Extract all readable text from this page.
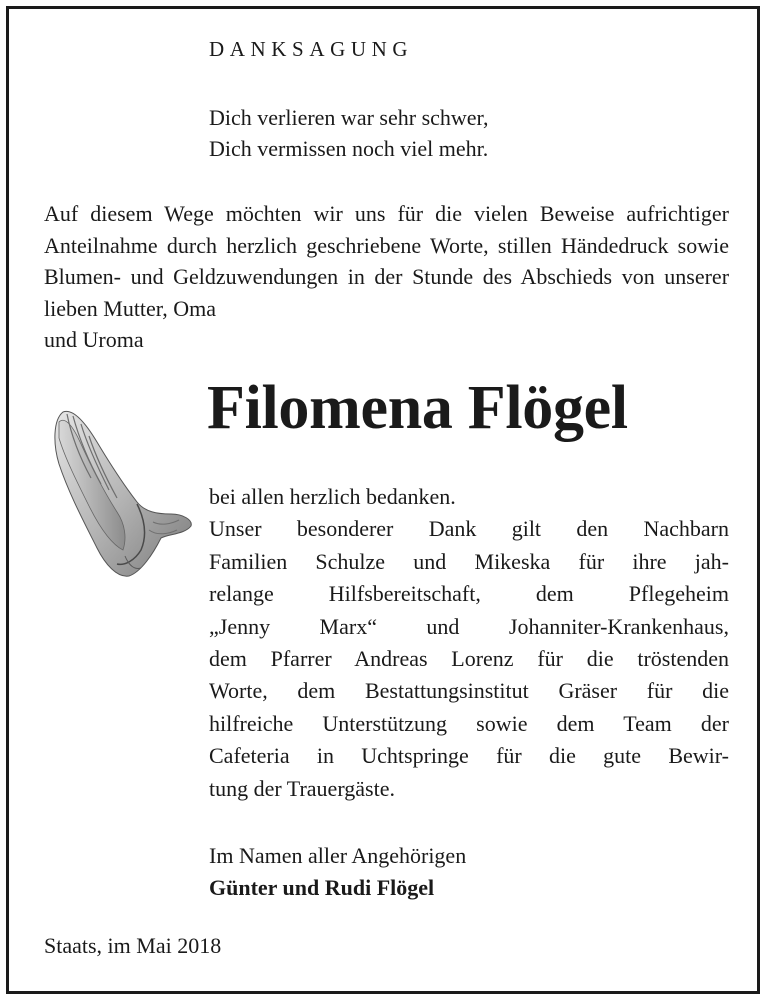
DANKSAGUNG
Dich verlieren war sehr schwer,
Dich vermissen noch viel mehr.
Auf diesem Wege möchten wir uns für die vielen Beweise aufrichtiger Anteilnahme durch herzlich geschriebene Worte, stillen Händedruck sowie Blumen- und Geldzuwendungen in der Stunde des Abschieds von unserer lieben Mutter, Oma
und Uroma
Filomena Flögel
bei allen herzlich bedanken.
Unser besonderer Dank gilt den Nachbarn
Familien Schulze und Mikeska für ihre jah-
relange Hilfsbereitschaft, dem Pflegeheim
„Jenny Marx“ und Johanniter-Krankenhaus,
dem Pfarrer Andreas Lorenz für die tröstenden
Worte, dem Bestattungsinstitut Gräser für die
hilfreiche Unterstützung sowie dem Team der
Cafeteria in Uchtspringe für die gute Bewir-
tung der Trauergäste.
Im Namen aller Angehörigen
Günter und Rudi Flögel
Staats, im Mai 2018
